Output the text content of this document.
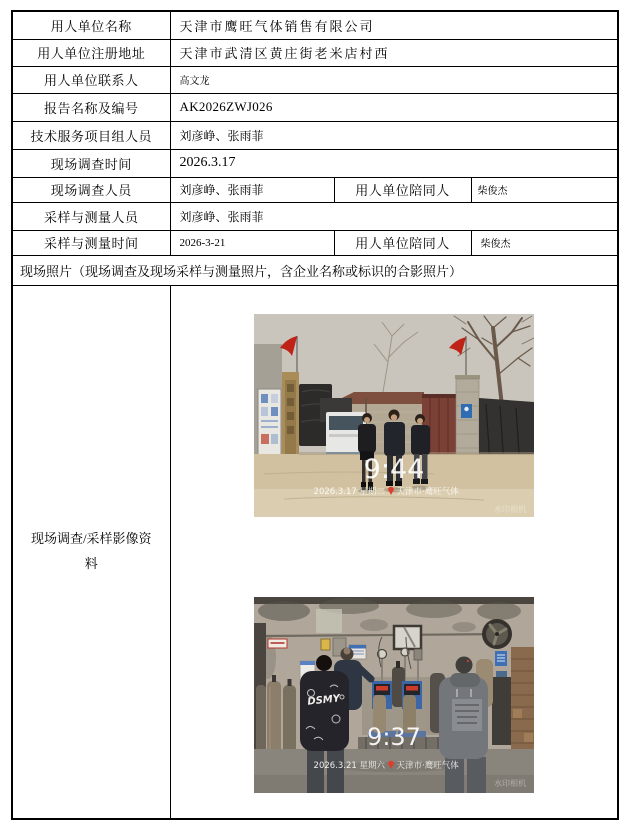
用人单位名称	天津市鹰旺气体销售有限公司		
用人单位注册地址	天津市武清区黄庄街老米店村西		
用人单位联系人	高文龙		
报告名称及编号	AK2026ZWJ026		
技术服务项目组人员	刘彦峥、张雨菲		
现场调查时间	2026.3.17		
现场调查人员	刘彦峥、张雨菲	用人单位陪同人	柴俊杰
采样与测量人员	刘彦峥、张雨菲		
采样与测量时间	2026-3-21	用人单位陪同人	柴俊杰
现场照片（现场调查及现场采样与测量照片，含企业名称或标识的合影照片）			
现场调查/采样影像资料	
9:44
2026.3.17 星期二 天津市·鹰旺气体
水印相机
DSMY
9:37
2026.3.21 星期六 天津市·鹰旺气体
水印相机
